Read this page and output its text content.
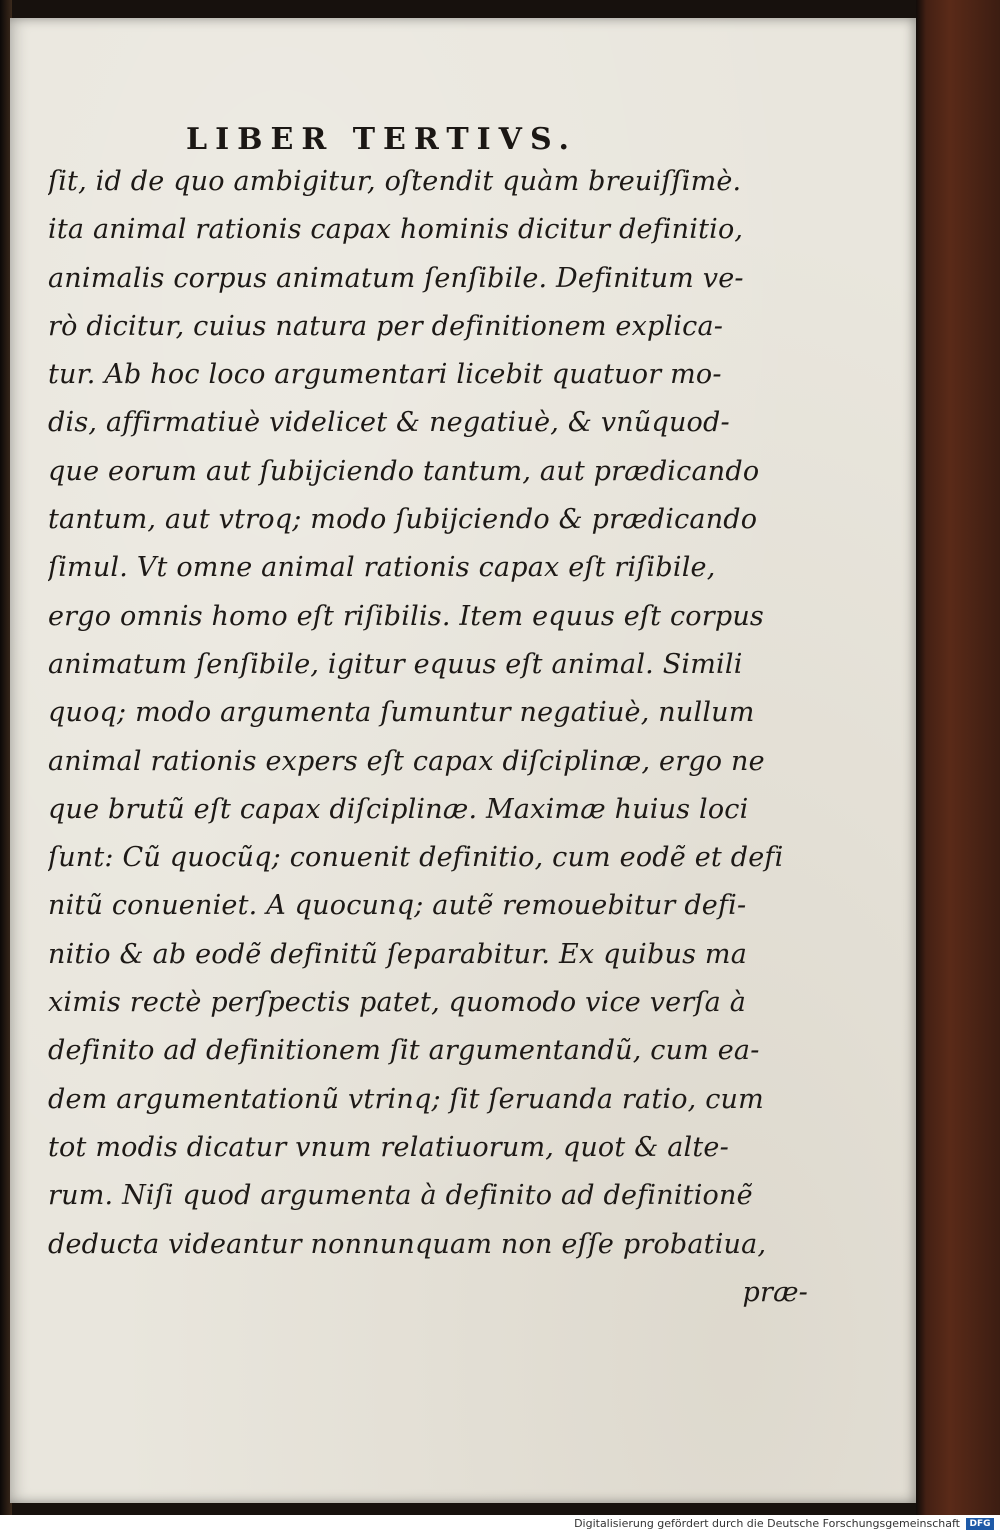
LIBER TERTIVS.
ſit, id de quo ambigitur, oſtendit quàm breuiſſimè.
ita animal rationis capax hominis dicitur definitio,
animalis corpus animatum ſenſibile. Definitum ve-
rò dicitur, cuius natura per definitionem explica-
tur. Ab hoc loco argumentari licebit quatuor mo-
dis, affirmatiuè videlicet & negatiuè, & vnũquod-
que eorum aut ſubijciendo tantum, aut prædicando
tantum, aut vtroq; modo ſubijciendo & prædicando
ſimul. Vt omne animal rationis capax eſt riſibile,
ergo omnis homo eſt riſibilis. Item equus eſt corpus
animatum ſenſibile, igitur equus eſt animal. Simili
quoq; modo argumenta ſumuntur negatiuè, nullum
animal rationis expers eſt capax diſciplinæ, ergo ne
que brutũ eſt capax diſciplinæ. Maximæ huius loci
ſunt: Cũ quocũq; conuenit definitio, cum eodẽ et defi
nitũ conueniet. A quocunq; autẽ remouebitur defi-
nitio & ab eodẽ definitũ ſeparabitur. Ex quibus ma
ximis rectè perſpectis patet, quomodo vice verſa à
definito ad definitionem ſit argumentandũ, cum ea-
dem argumentationũ vtrinq; ſit ſeruanda ratio, cum
tot modis dicatur vnum relatiuorum, quot & alte-
rum. Niſi quod argumenta à definito ad definitionẽ
deducta videantur nonnunquam non eſſe probatiua,
præ-
Digitalisierung gefördert durch die Deutsche Forschungsgemeinschaft	DFG
